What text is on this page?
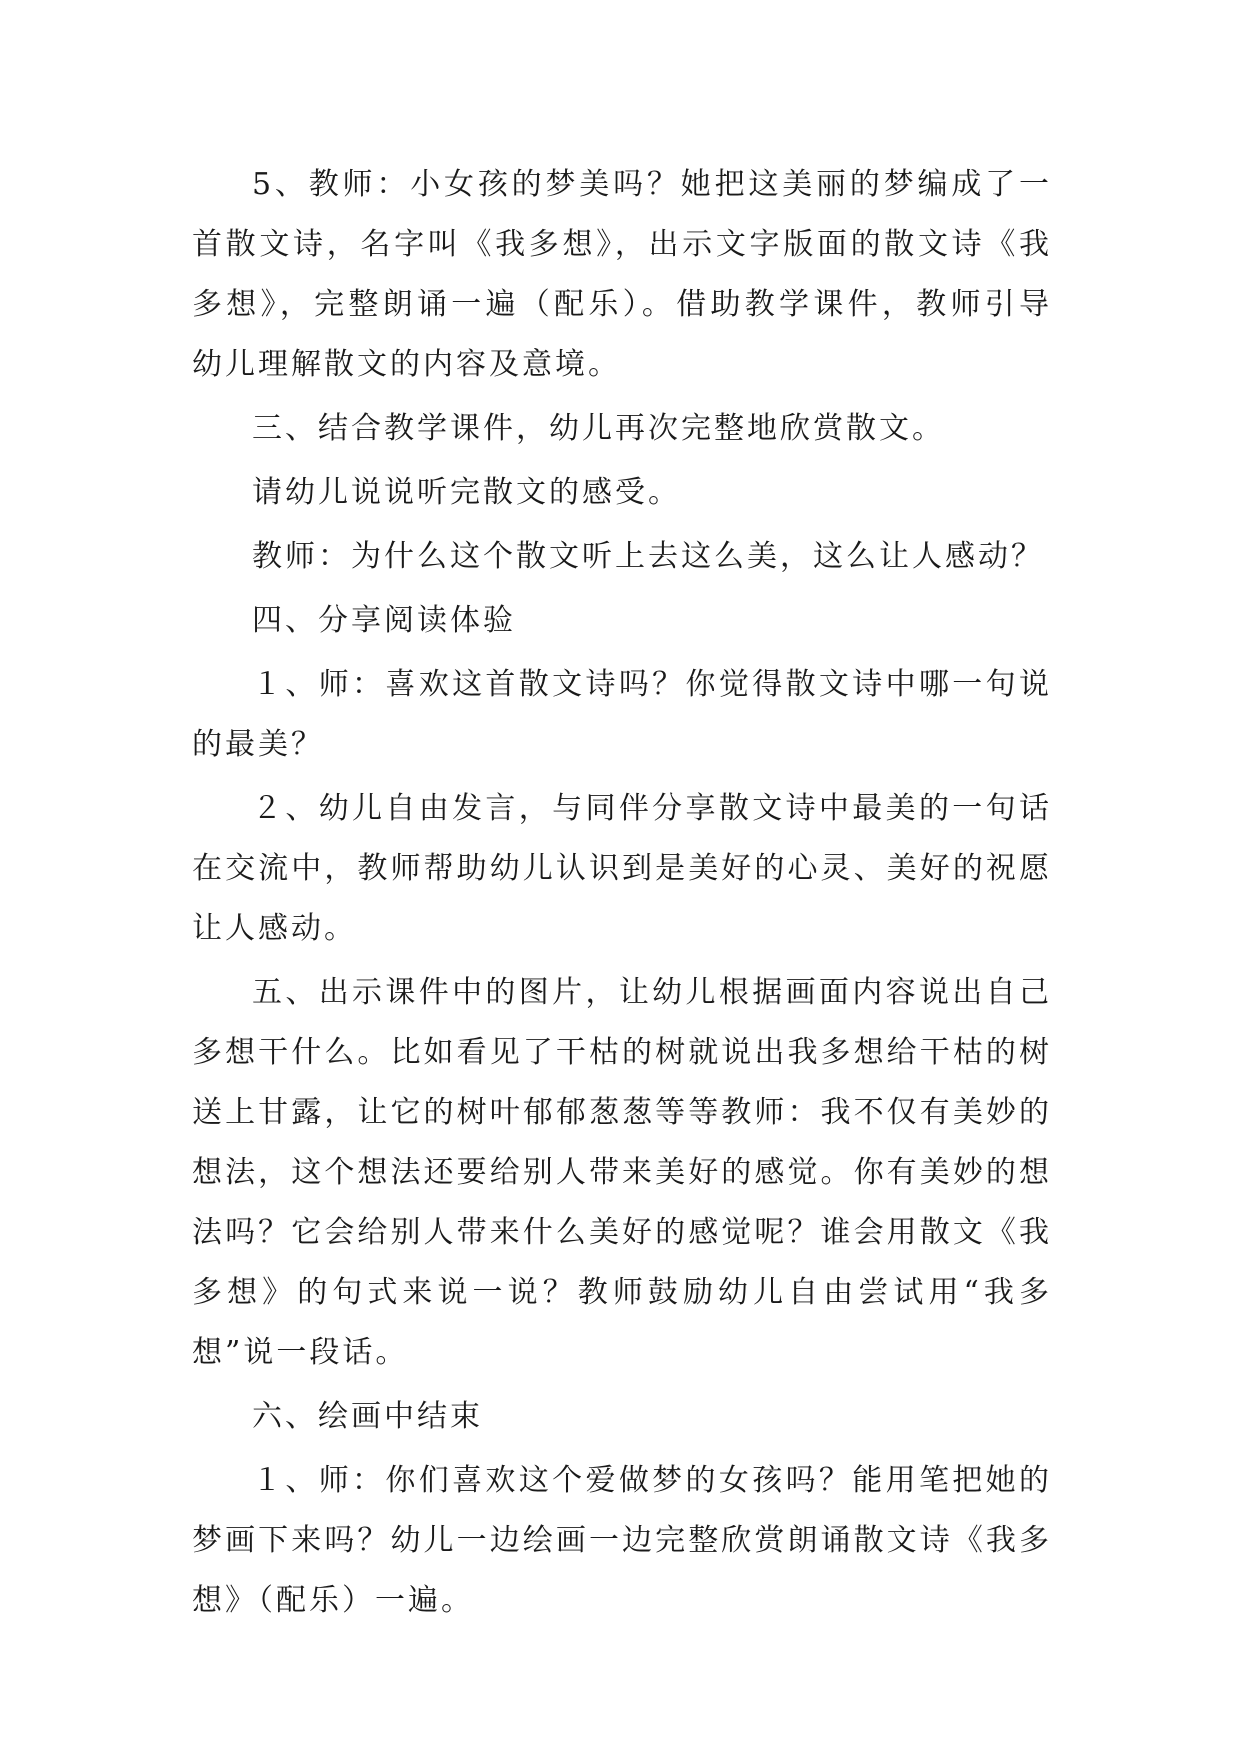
5、教师：小女孩的梦美吗？她把这美丽的梦编成了一首散文诗，名字叫《我多想》，出示文字版面的散文诗《我多想》，完整朗诵一遍（配乐）。借助教学课件，教师引导幼儿理解散文的内容及意境。

三、结合教学课件，幼儿再次完整地欣赏散文。

请幼儿说说听完散文的感受。

教师：为什么这个散文听上去这么美，这么让人感动？

四、分享阅读体验

１、师：喜欢这首散文诗吗？你觉得散文诗中哪一句说的最美？

２、幼儿自由发言，与同伴分享散文诗中最美的一句话在交流中，教师帮助幼儿认识到是美好的心灵、美好的祝愿让人感动。

五、出示课件中的图片，让幼儿根据画面内容说出自己多想干什么。比如看见了干枯的树就说出我多想给干枯的树送上甘露，让它的树叶郁郁葱葱等等教师：我不仅有美妙的想法，这个想法还要给别人带来美好的感觉。你有美妙的想法吗？它会给别人带来什么美好的感觉呢？谁会用散文《我多想》的句式来说一说？教师鼓励幼儿自由尝试用“我多想”说一段话。

六、绘画中结束

１、师：你们喜欢这个爱做梦的女孩吗？能用笔把她的梦画下来吗？幼儿一边绘画一边完整欣赏朗诵散文诗《我多想》（配乐）一遍。
